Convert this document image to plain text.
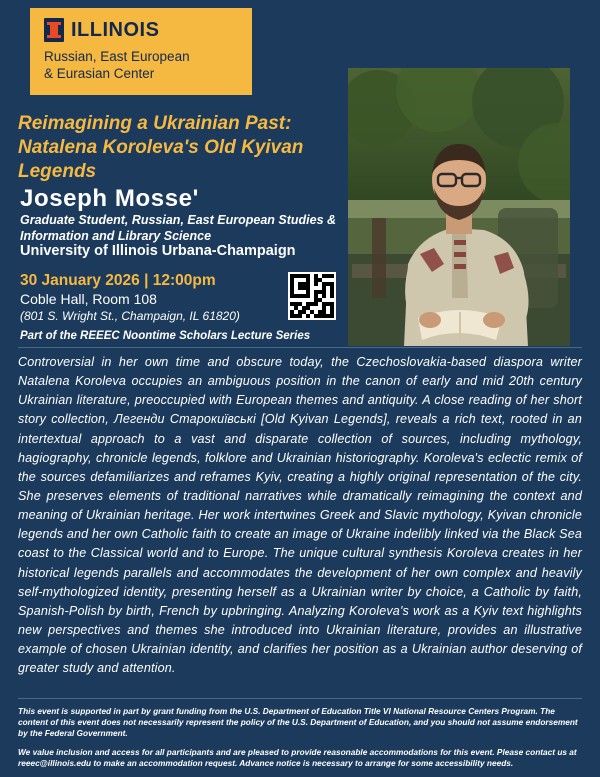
ILLINOIS
Russian, East European
& Eurasian Center
Reimagining a Ukrainian Past: Natalena Koroleva's Old Kyivan Legends
Joseph Mosse'
Graduate Student, Russian, East European Studies & Information and Library Science
University of Illinois Urbana-Champaign
30 January 2026 | 12:00pm
Coble Hall, Room 108
(801 S. Wright St., Champaign, IL 61820)
Part of the REEEC Noontime Scholars Lecture Series
Controversial in her own time and obscure today, the Czechoslovakia-based diaspora writer Natalena Koroleva occupies an ambiguous position in the canon of early and mid 20th century Ukrainian literature, preoccupied with European themes and antiquity. A close reading of her short story collection, Легенди Старокиївські [Old Kyivan Legends], reveals a rich text, rooted in an intertextual approach to a vast and disparate collection of sources, including mythology, hagiography, chronicle legends, folklore and Ukrainian historiography. Koroleva's eclectic remix of the sources defamiliarizes and reframes Kyiv, creating a highly original representation of the city. She preserves elements of traditional narratives while dramatically reimagining the context and meaning of Ukrainian heritage. Her work intertwines Greek and Slavic mythology, Kyivan chronicle legends and her own Catholic faith to create an image of Ukraine indelibly linked via the Black Sea coast to the Classical world and to Europe. The unique cultural synthesis Koroleva creates in her historical legends parallels and accommodates the development of her own complex and heavily self-mythologized identity, presenting herself as a Ukrainian writer by choice, a Catholic by faith, Spanish-Polish by birth, French by upbringing. Analyzing Koroleva's work as a Kyiv text highlights new perspectives and themes she introduced into Ukrainian literature, provides an illustrative example of chosen Ukrainian identity, and clarifies her position as a Ukrainian author deserving of greater study and attention.

This event is supported in part by grant funding from the U.S. Department of Education Title VI National Resource Centers Program. The content of this event does not necessarily represent the policy of the U.S. Department of Education, and you should not assume endorsement by the Federal Government.

We value inclusion and access for all participants and are pleased to provide reasonable accommodations for this event. Please contact us at reeec@illinois.edu to make an accommodation request. Advance notice is necessary to arrange for some accessibility needs.
